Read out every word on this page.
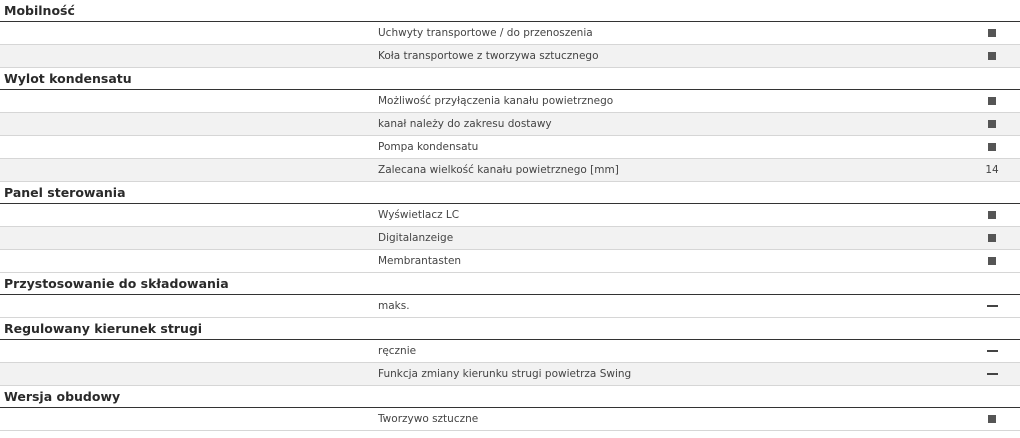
Mobilność
Uchwyty transportowe / do przenoszenia
Koła transportowe z tworzywa sztucznego
Wylot kondensatu
Możliwość przyłączenia kanału powietrznego
kanał należy do zakresu dostawy
Pompa kondensatu
Zalecana wielkość kanału powietrznego [mm]	14
Panel sterowania
Wyświetlacz LC
Digitalanzeige
Membrantasten
Przystosowanie do składowania
maks.
Regulowany kierunek strugi
ręcznie
Funkcja zmiany kierunku strugi powietrza Swing
Wersja obudowy
Tworzywo sztuczne
